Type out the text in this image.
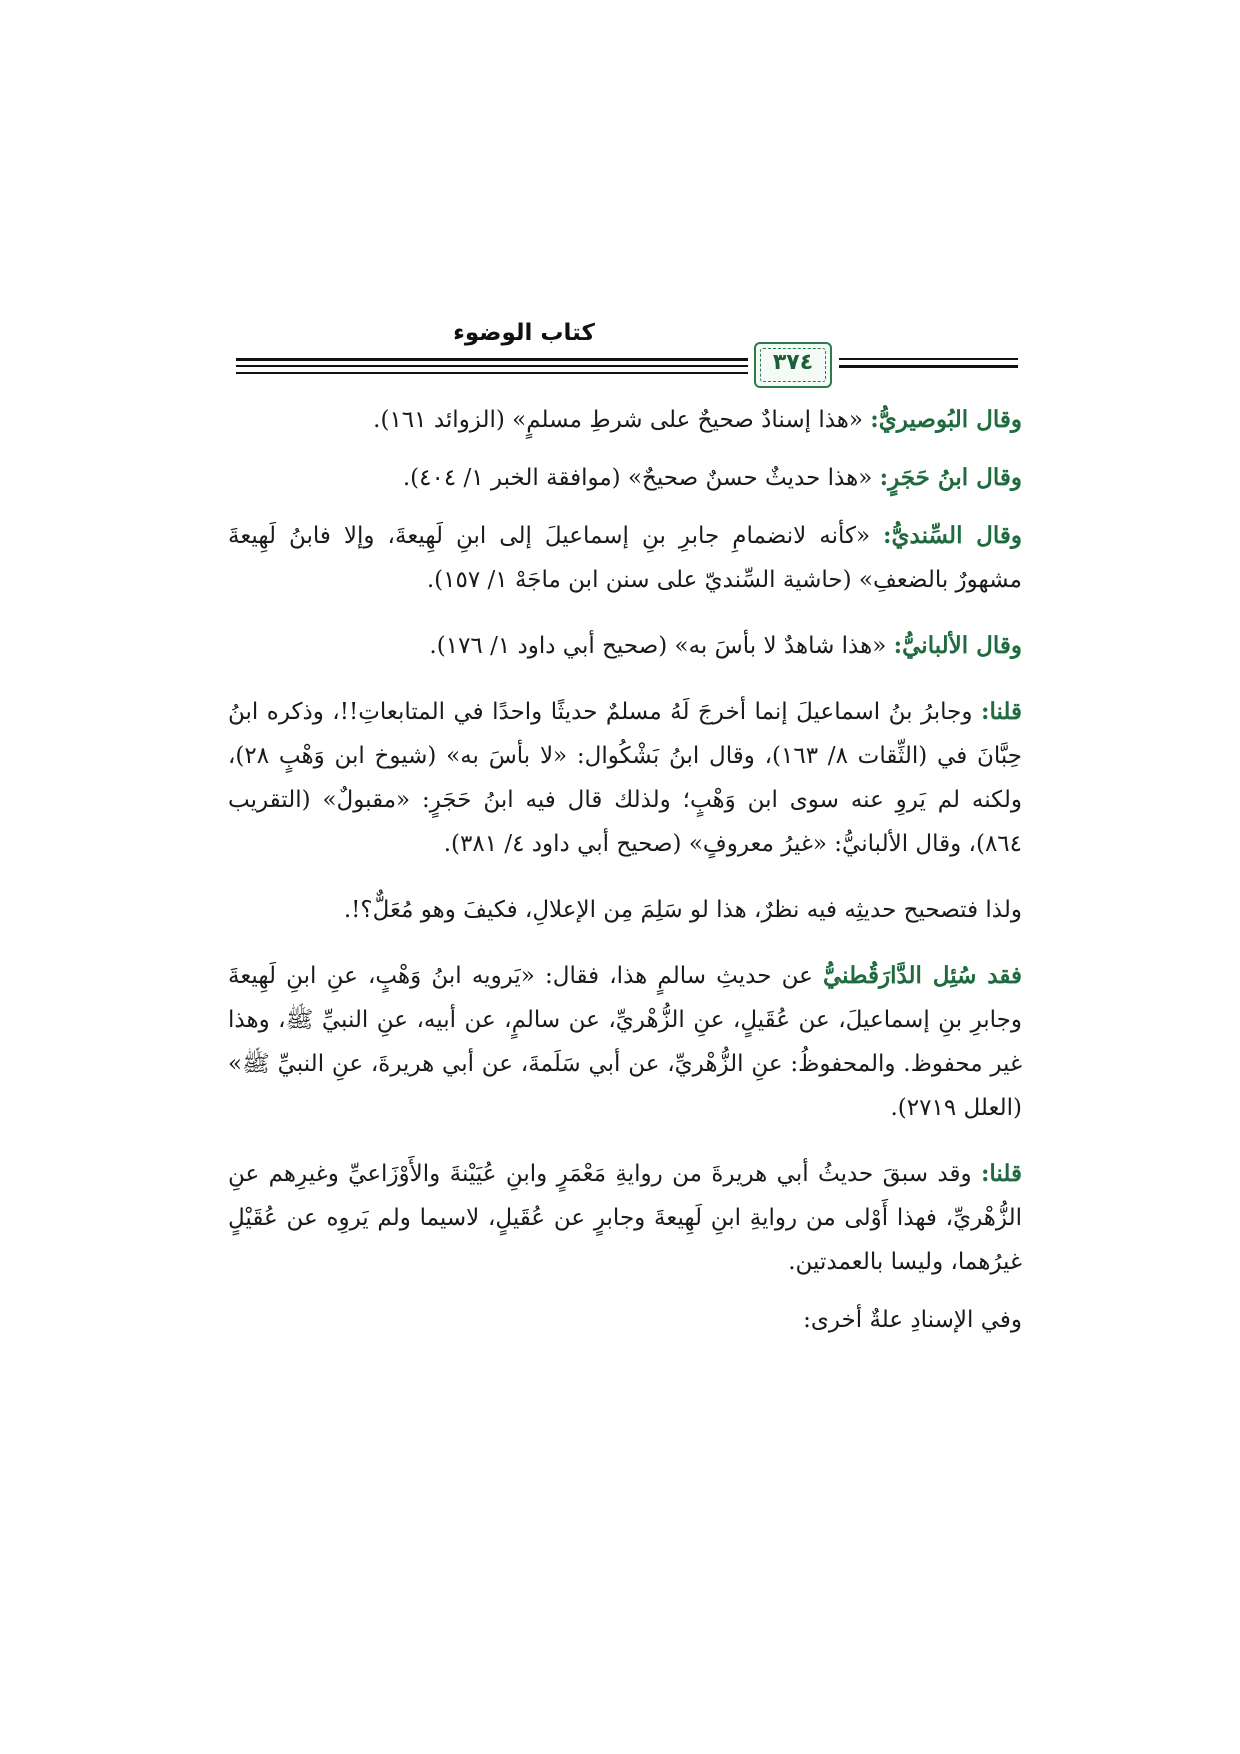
كتاب الوضوء
٣٧٤

وقال البُوصيريُّ: «هذا إسنادٌ صحيحٌ على شرطِ مسلمٍ» (الزوائد ١٦١).

وقال ابنُ حَجَرٍ: «هذا حديثٌ حسنٌ صحيحٌ» (موافقة الخبر ١/ ٤٠٤).

وقال السِّنديُّ: «كأنه لانضمامِ جابرِ بنِ إسماعيلَ إلى ابنِ لَهِيعةَ، وإلا فابنُ لَهِيعةَ مشهورٌ بالضعفِ» (حاشية السِّنديّ على سنن ابن ماجَهْ ١/ ١٥٧).

وقال الألبانيُّ: «هذا شاهدٌ لا بأسَ به» (صحيح أبي داود ١/ ١٧٦).

قلنا: وجابرُ بنُ اسماعيلَ إنما أخرجَ لَهُ مسلمٌ حديثًا واحدًا في المتابعاتِ!!، وذكره ابنُ حِبَّانَ في (الثِّقات ٨/ ١٦٣)، وقال ابنُ بَشْكُوال: «لا بأسَ به» (شيوخ ابن وَهْبٍ ٢٨)، ولكنه لم يَروِ عنه سوى ابن وَهْبٍ؛ ولذلك قال فيه ابنُ حَجَرٍ: «مقبولٌ» (التقريب ٨٦٤)، وقال الألبانيُّ: «غيرُ معروفٍ» (صحيح أبي داود ٤/ ٣٨١).

ولذا فتصحيح حديثِه فيه نظرٌ، هذا لو سَلِمَ مِن الإعلالِ، فكيفَ وهو مُعَلٌّ؟!.

فقد سُئِل الدَّارَقُطنيُّ عن حديثِ سالمٍ هذا، فقال: «يَرويه ابنُ وَهْبٍ، عنِ ابنِ لَهِيعةَ وجابرِ بنِ إسماعيلَ، عن عُقَيلٍ، عنِ الزُّهْريِّ، عن سالمٍ، عن أبيه، عنِ النبيِّ ﷺ، وهذا غير محفوظ. والمحفوظُ: عنِ الزُّهْريِّ، عن أبي سَلَمةَ، عن أبي هريرةَ، عنِ النبيِّ ﷺ» (العلل ٢٧١٩).

قلنا: وقد سبقَ حديثُ أبي هريرةَ من روايةِ مَعْمَرٍ وابنِ عُيَيْنةَ والأَوْزَاعيِّ وغيرِهم عنِ الزُّهْريِّ، فهذا أَوْلى من روايةِ ابنِ لَهِيعةَ وجابرٍ عن عُقَيلٍ، لاسيما ولم يَروِه عن عُقَيْلٍ غيرُهما، وليسا بالعمدتين.

وفي الإسنادِ علةٌ أخرى:
